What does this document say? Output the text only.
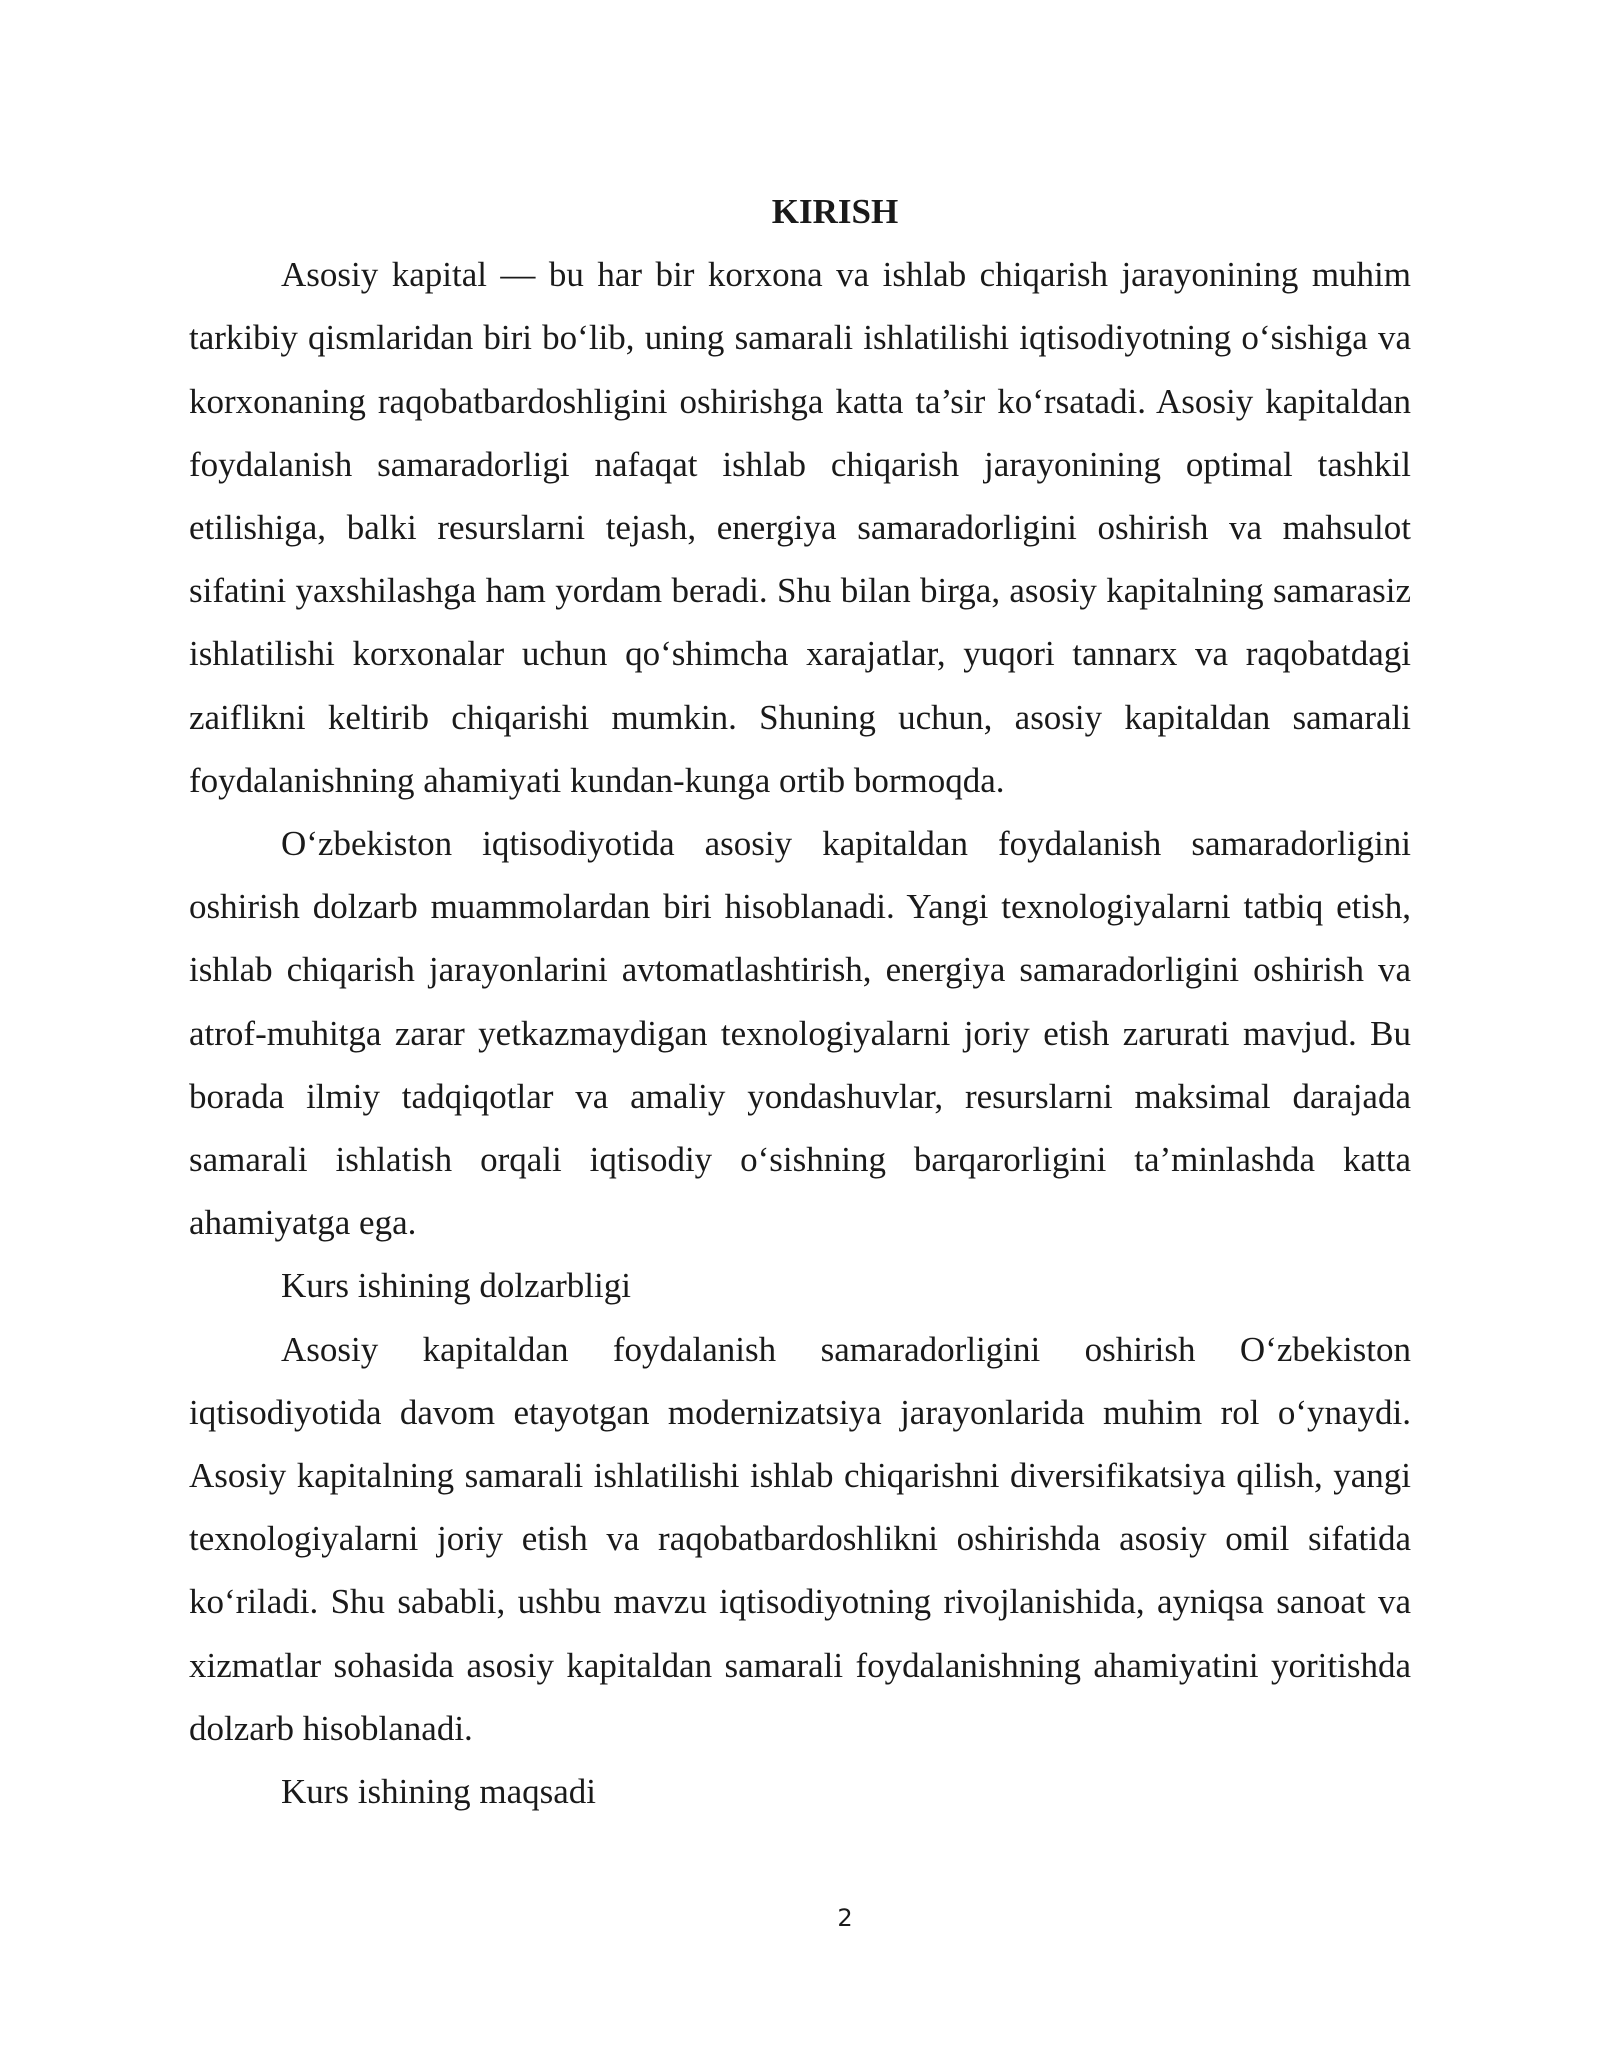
KIRISH

Asosiy kapital — bu har bir korxona va ishlab chiqarish jarayonining muhim tarkibiy qismlaridan biri bo‘lib, uning samarali ishlatilishi iqtisodiyotning o‘sishiga va korxonaning raqobatbardoshligini oshirishga katta ta’sir ko‘rsatadi. Asosiy kapitaldan foydalanish samaradorligi nafaqat ishlab chiqarish jarayonining optimal tashkil etilishiga, balki resurslarni tejash, energiya samaradorligini oshirish va mahsulot sifatini yaxshilashga ham yordam beradi. Shu bilan birga, asosiy kapitalning samarasiz ishlatilishi korxonalar uchun qo‘shimcha xarajatlar, yuqori tannarx va raqobatdagi zaiflikni keltirib chiqarishi mumkin. Shuning uchun, asosiy kapitaldan samarali foydalanishning ahamiyati kundan-kunga ortib bormoqda.

O‘zbekiston iqtisodiyotida asosiy kapitaldan foydalanish samaradorligini oshirish dolzarb muammolardan biri hisoblanadi. Yangi texnologiyalarni tatbiq etish, ishlab chiqarish jarayonlarini avtomatlashtirish, energiya samaradorligini oshirish va atrof-muhitga zarar yetkazmaydigan texnologiyalarni joriy etish zarurati mavjud. Bu borada ilmiy tadqiqotlar va amaliy yondashuvlar, resurslarni maksimal darajada samarali ishlatish orqali iqtisodiy o‘sishning barqarorligini ta’minlashda katta ahamiyatga ega.

Kurs ishining dolzarbligi

Asosiy kapitaldan foydalanish samaradorligini oshirish O‘zbekiston iqtisodiyotida davom etayotgan modernizatsiya jarayonlarida muhim rol o‘ynaydi. Asosiy kapitalning samarali ishlatilishi ishlab chiqarishni diversifikatsiya qilish, yangi texnologiyalarni joriy etish va raqobatbardoshlikni oshirishda asosiy omil sifatida ko‘riladi. Shu sababli, ushbu mavzu iqtisodiyotning rivojlanishida, ayniqsa sanoat va xizmatlar sohasida asosiy kapitaldan samarali foydalanishning ahamiyatini yoritishda dolzarb hisoblanadi.

Kurs ishining maqsadi

2
